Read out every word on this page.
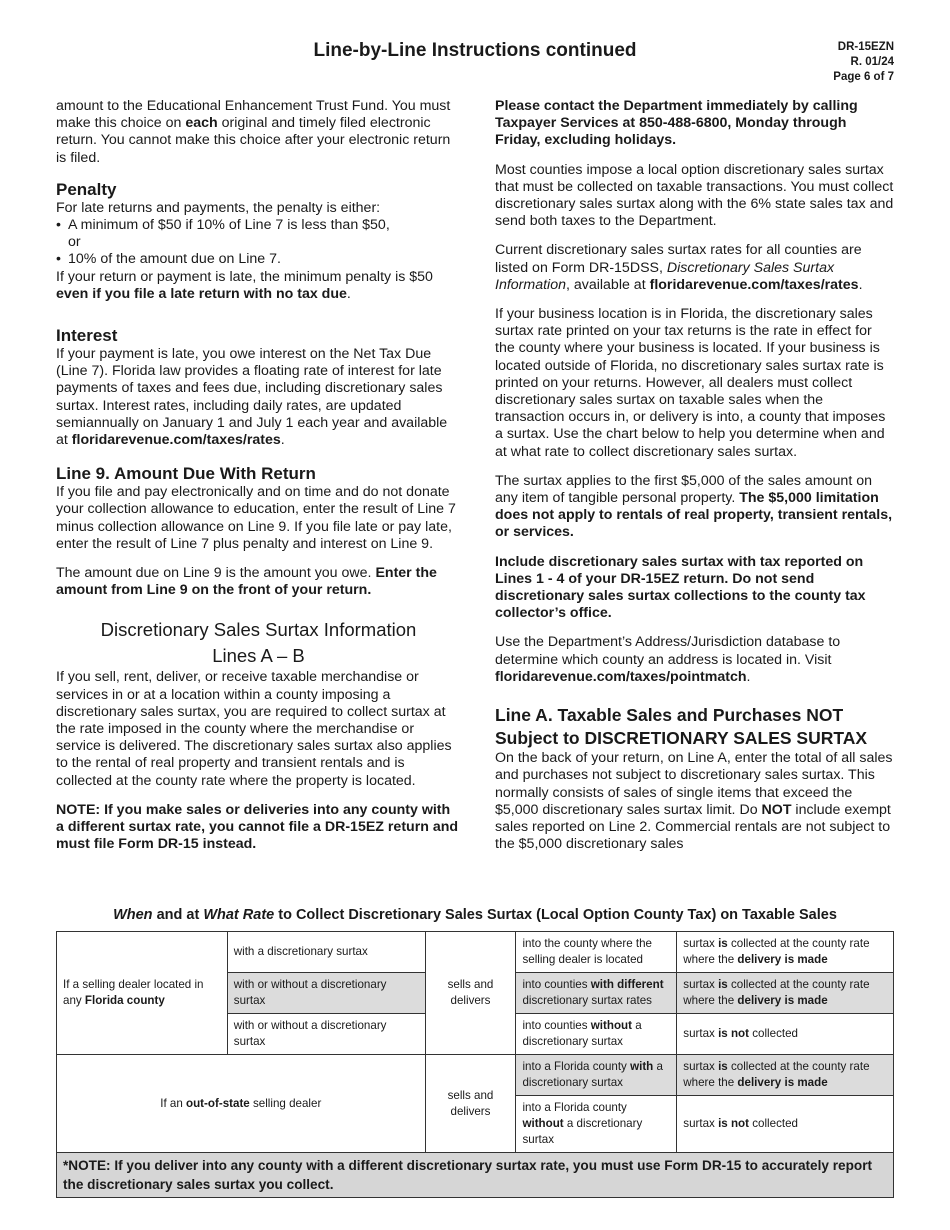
Line-by-Line Instructions continued	DR-15EZN
R. 01/24
Page 6 of 7

amount to the Educational Enhancement Trust Fund. You must make this choice on each original and timely filed electronic return. You cannot make this choice after your electronic return is filed.

Penalty
For late returns and payments, the penalty is either:
• A minimum of $50 if 10% of Line 7 is less than $50,
or
• 10% of the amount due on Line 7.

If your return or payment is late, the minimum penalty is $50 even if you file a late return with no tax due.

Interest

If your payment is late, you owe interest on the Net Tax Due (Line 7). Florida law provides a floating rate of interest for late payments of taxes and fees due, including discretionary sales surtax. Interest rates, including daily rates, are updated semiannually on January 1 and July 1 each year and available at floridarevenue.com/taxes/rates.

Line 9. Amount Due With Return

If you file and pay electronically and on time and do not donate your collection allowance to education, enter the result of Line 7 minus collection allowance on Line 9. If you file late or pay late, enter the result of Line 7 plus penalty and interest on Line 9.

The amount due on Line 9 is the amount you owe. Enter the amount from Line 9 on the front of your return.

Discretionary Sales Surtax Information
Lines A – B

If you sell, rent, deliver, or receive taxable merchandise or services in or at a location within a county imposing a discretionary sales surtax, you are required to collect surtax at the rate imposed in the county where the merchandise or service is delivered. The discretionary sales surtax also applies to the rental of real property and transient rentals and is collected at the county rate where the property is located.

NOTE: If you make sales or deliveries into any county with a different surtax rate, you cannot file a DR-15EZ return and must file Form DR-15 instead.

Please contact the Department immediately by calling Taxpayer Services at 850-488-6800, Monday through Friday, excluding holidays.

Most counties impose a local option discretionary sales surtax that must be collected on taxable transactions. You must collect discretionary sales surtax along with the 6% state sales tax and send both taxes to the Department.

Current discretionary sales surtax rates for all counties are listed on Form DR-15DSS, Discretionary Sales Surtax Information, available at floridarevenue.com/taxes/rates.

If your business location is in Florida, the discretionary sales surtax rate printed on your tax returns is the rate in effect for the county where your business is located. If your business is located outside of Florida, no discretionary sales surtax rate is printed on your returns. However, all dealers must collect discretionary sales surtax on taxable sales when the transaction occurs in, or delivery is into, a county that imposes a surtax. Use the chart below to help you determine when and at what rate to collect discretionary sales surtax.

The surtax applies to the first $5,000 of the sales amount on any item of tangible personal property. The $5,000 limitation does not apply to rentals of real property, transient rentals, or services.

Include discretionary sales surtax with tax reported on Lines 1 - 4 of your DR-15EZ return. Do not send discretionary sales surtax collections to the county tax collector’s office.

Use the Department’s Address/Jurisdiction database to determine which county an address is located in. Visit floridarevenue.com/taxes/pointmatch.

Line A. Taxable Sales and Purchases NOT Subject to DISCRETIONARY SALES SURTAX

On the back of your return, on Line A, enter the total of all sales and purchases not subject to discretionary sales surtax. This normally consists of sales of single items that exceed the $5,000 discretionary sales surtax limit. Do NOT include exempt sales reported on Line 2. Commercial rentals are not subject to the $5,000 discretionary sales

When and at What Rate to Collect Discretionary Sales Surtax (Local Option County Tax) on Taxable Sales
If a selling dealer located in any Florida county	with a discretionary surtax	sells and delivers	into the county where the selling dealer is located	surtax is collected at the county rate where the delivery is made
	with or without a discretionary surtax		into counties with different discretionary surtax rates	surtax is collected at the county rate where the delivery is made
	with or without a discretionary surtax		into counties without a discretionary surtax	surtax is not collected
If an out-of-state selling dealer		sells and delivers	into a Florida county with a discretionary surtax	surtax is collected at the county rate where the delivery is made
			into a Florida county without a discretionary surtax	surtax is not collected
*NOTE: If you deliver into any county with a different discretionary surtax rate, you must use Form DR-15 to accurately report the discretionary sales surtax you collect.				
